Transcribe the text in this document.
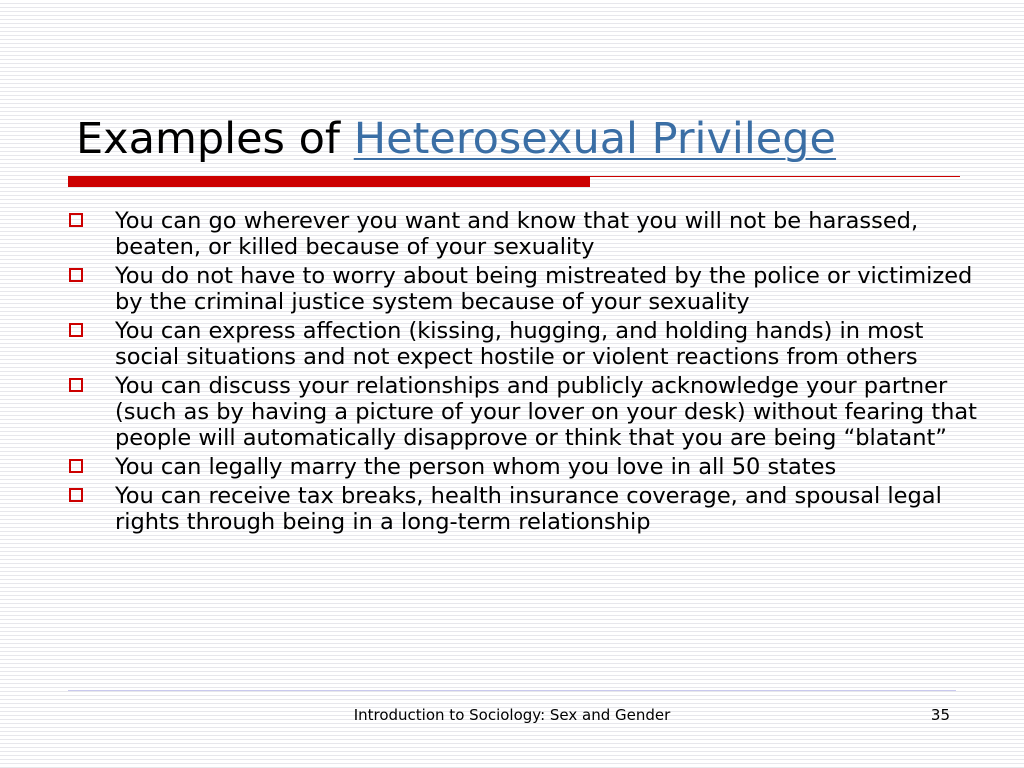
Examples of Heterosexual Privilege
You can go wherever you want and know that you will not be harassed, beaten, or killed because of your sexuality
You do not have to worry about being mistreated by the police or victimized by the criminal justice system because of your sexuality
You can express affection (kissing, hugging, and holding hands) in most social situations and not expect hostile or violent reactions from others
You can discuss your relationships and publicly acknowledge your partner (such as by having a picture of your lover on your desk) without fearing that people will automatically disapprove or think that you are being “blatant”
You can legally marry the person whom you love in all 50 states
You can receive tax breaks, health insurance coverage, and spousal legal rights through being in a long-term relationship
Introduction to Sociology: Sex and Gender	35
